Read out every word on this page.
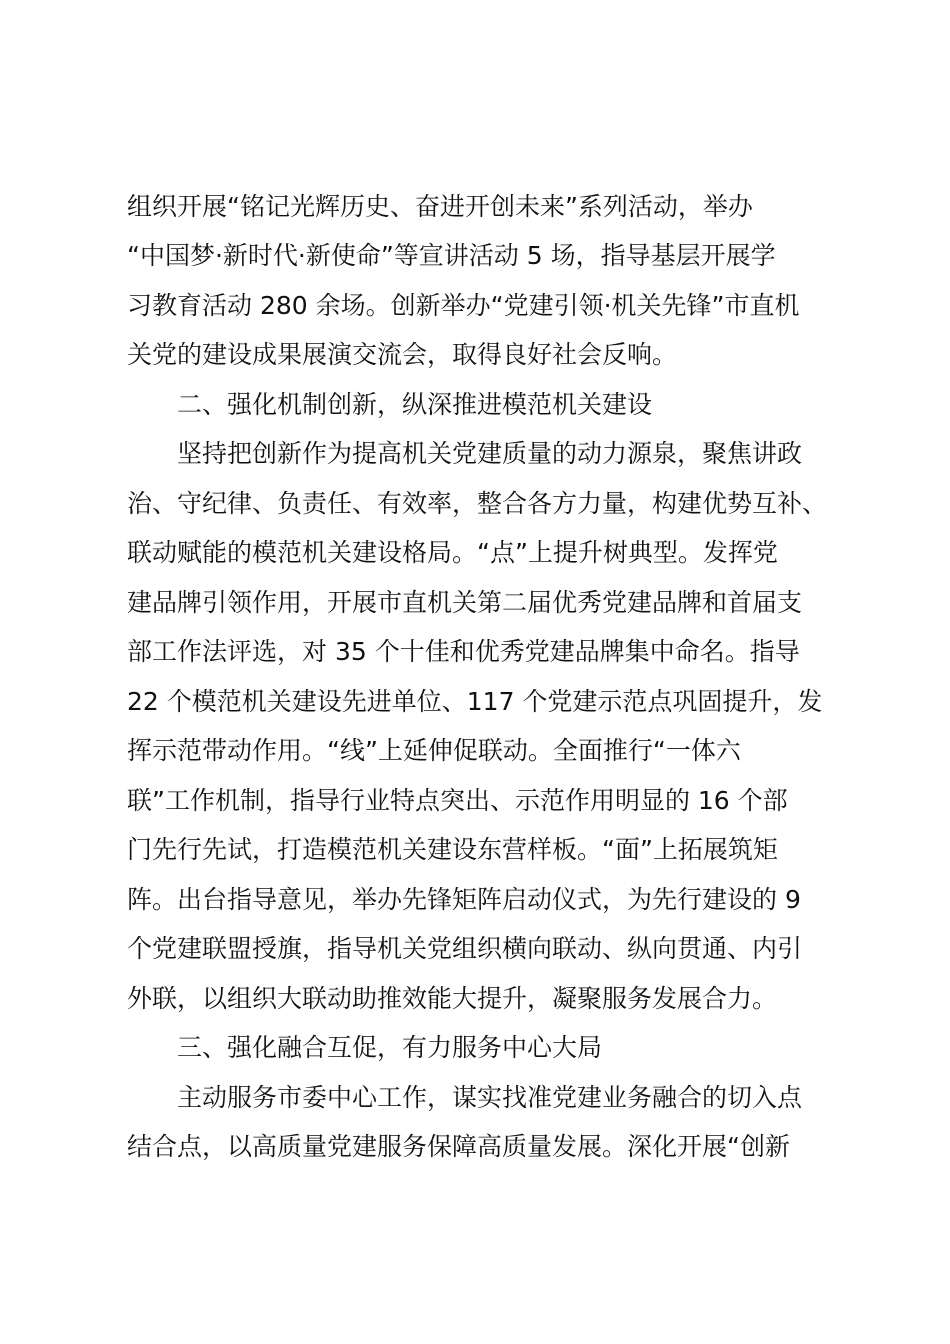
组织开展“铭记光辉历史、奋进开创未来”系列活动，举办
“中国梦·新时代·新使命”等宣讲活动 5 场，指导基层开展学
习教育活动 280 余场。创新举办“党建引领·机关先锋”市直机
关党的建设成果展演交流会，取得良好社会反响。
二、强化机制创新，纵深推进模范机关建设
坚持把创新作为提高机关党建质量的动力源泉，聚焦讲政
治、守纪律、负责任、有效率，整合各方力量，构建优势互补、
联动赋能的模范机关建设格局。“点”上提升树典型。发挥党
建品牌引领作用，开展市直机关第二届优秀党建品牌和首届支
部工作法评选，对 35 个十佳和优秀党建品牌集中命名。指导
22 个模范机关建设先进单位、117 个党建示范点巩固提升，发
挥示范带动作用。“线”上延伸促联动。全面推行“一体六
联”工作机制，指导行业特点突出、示范作用明显的 16 个部
门先行先试，打造模范机关建设东营样板。“面”上拓展筑矩
阵。出台指导意见，举办先锋矩阵启动仪式，为先行建设的 9
个党建联盟授旗，指导机关党组织横向联动、纵向贯通、内引
外联，以组织大联动助推效能大提升，凝聚服务发展合力。
三、强化融合互促，有力服务中心大局
主动服务市委中心工作，谋实找准党建业务融合的切入点
结合点，以高质量党建服务保障高质量发展。深化开展“创新
